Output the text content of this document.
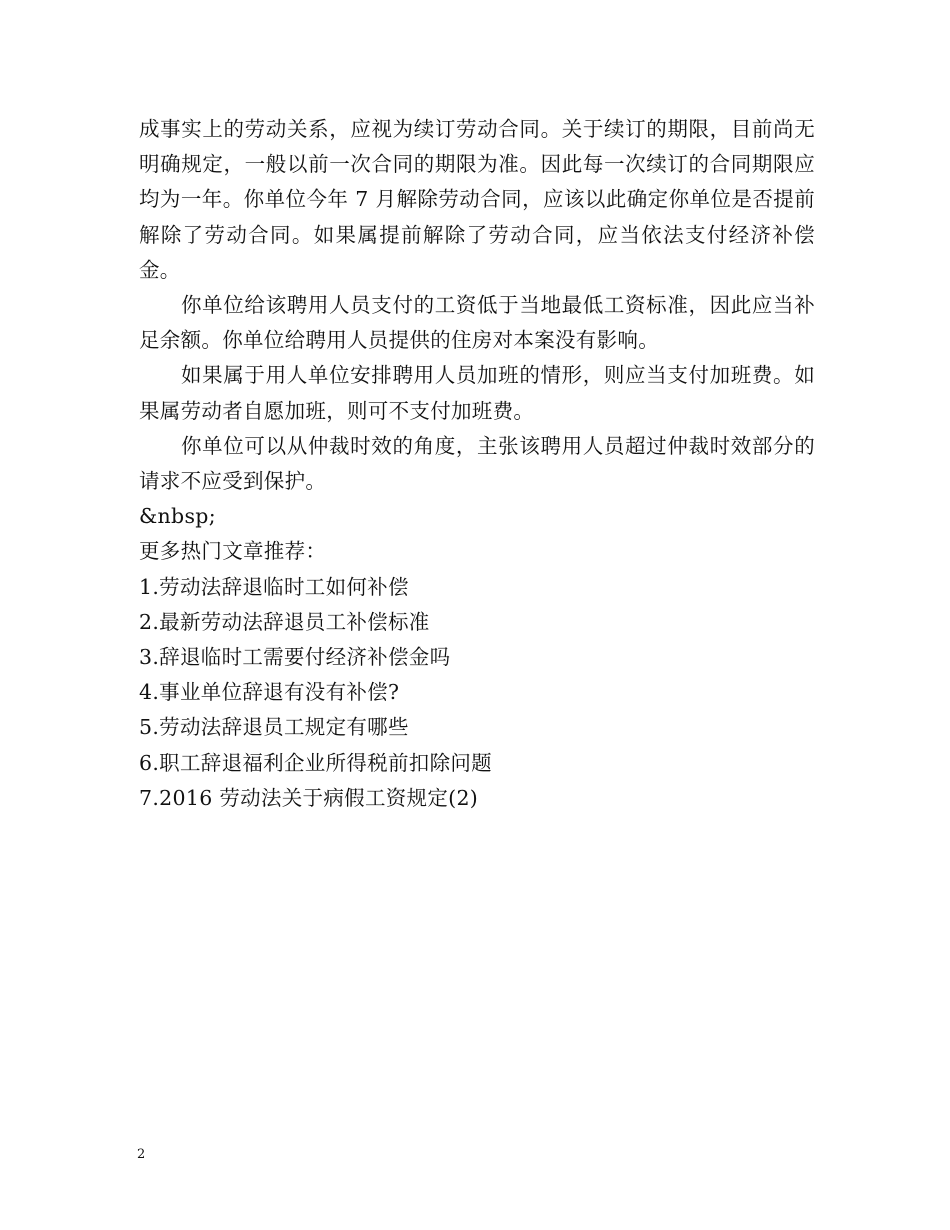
成事实上的劳动关系，应视为续订劳动合同。关于续订的期限，目前尚无明确规定，一般以前一次合同的期限为准。因此每一次续订的合同期限应均为一年。你单位今年 7 月解除劳动合同，应该以此确定你单位是否提前解除了劳动合同。如果属提前解除了劳动合同，应当依法支付经济补偿金。

你单位给该聘用人员支付的工资低于当地最低工资标准，因此应当补足余额。你单位给聘用人员提供的住房对本案没有影响。

如果属于用人单位安排聘用人员加班的情形，则应当支付加班费。如果属劳动者自愿加班，则可不支付加班费。

你单位可以从仲裁时效的角度，主张该聘用人员超过仲裁时效部分的请求不应受到保护。

&nbsp;

更多热门文章推荐：

1.劳动法辞退临时工如何补偿
2.最新劳动法辞退员工补偿标准
3.辞退临时工需要付经济补偿金吗
4.事业单位辞退有没有补偿?
5.劳动法辞退员工规定有哪些
6.职工辞退福利企业所得税前扣除问题
7.2016 劳动法关于病假工资规定(2)
2
